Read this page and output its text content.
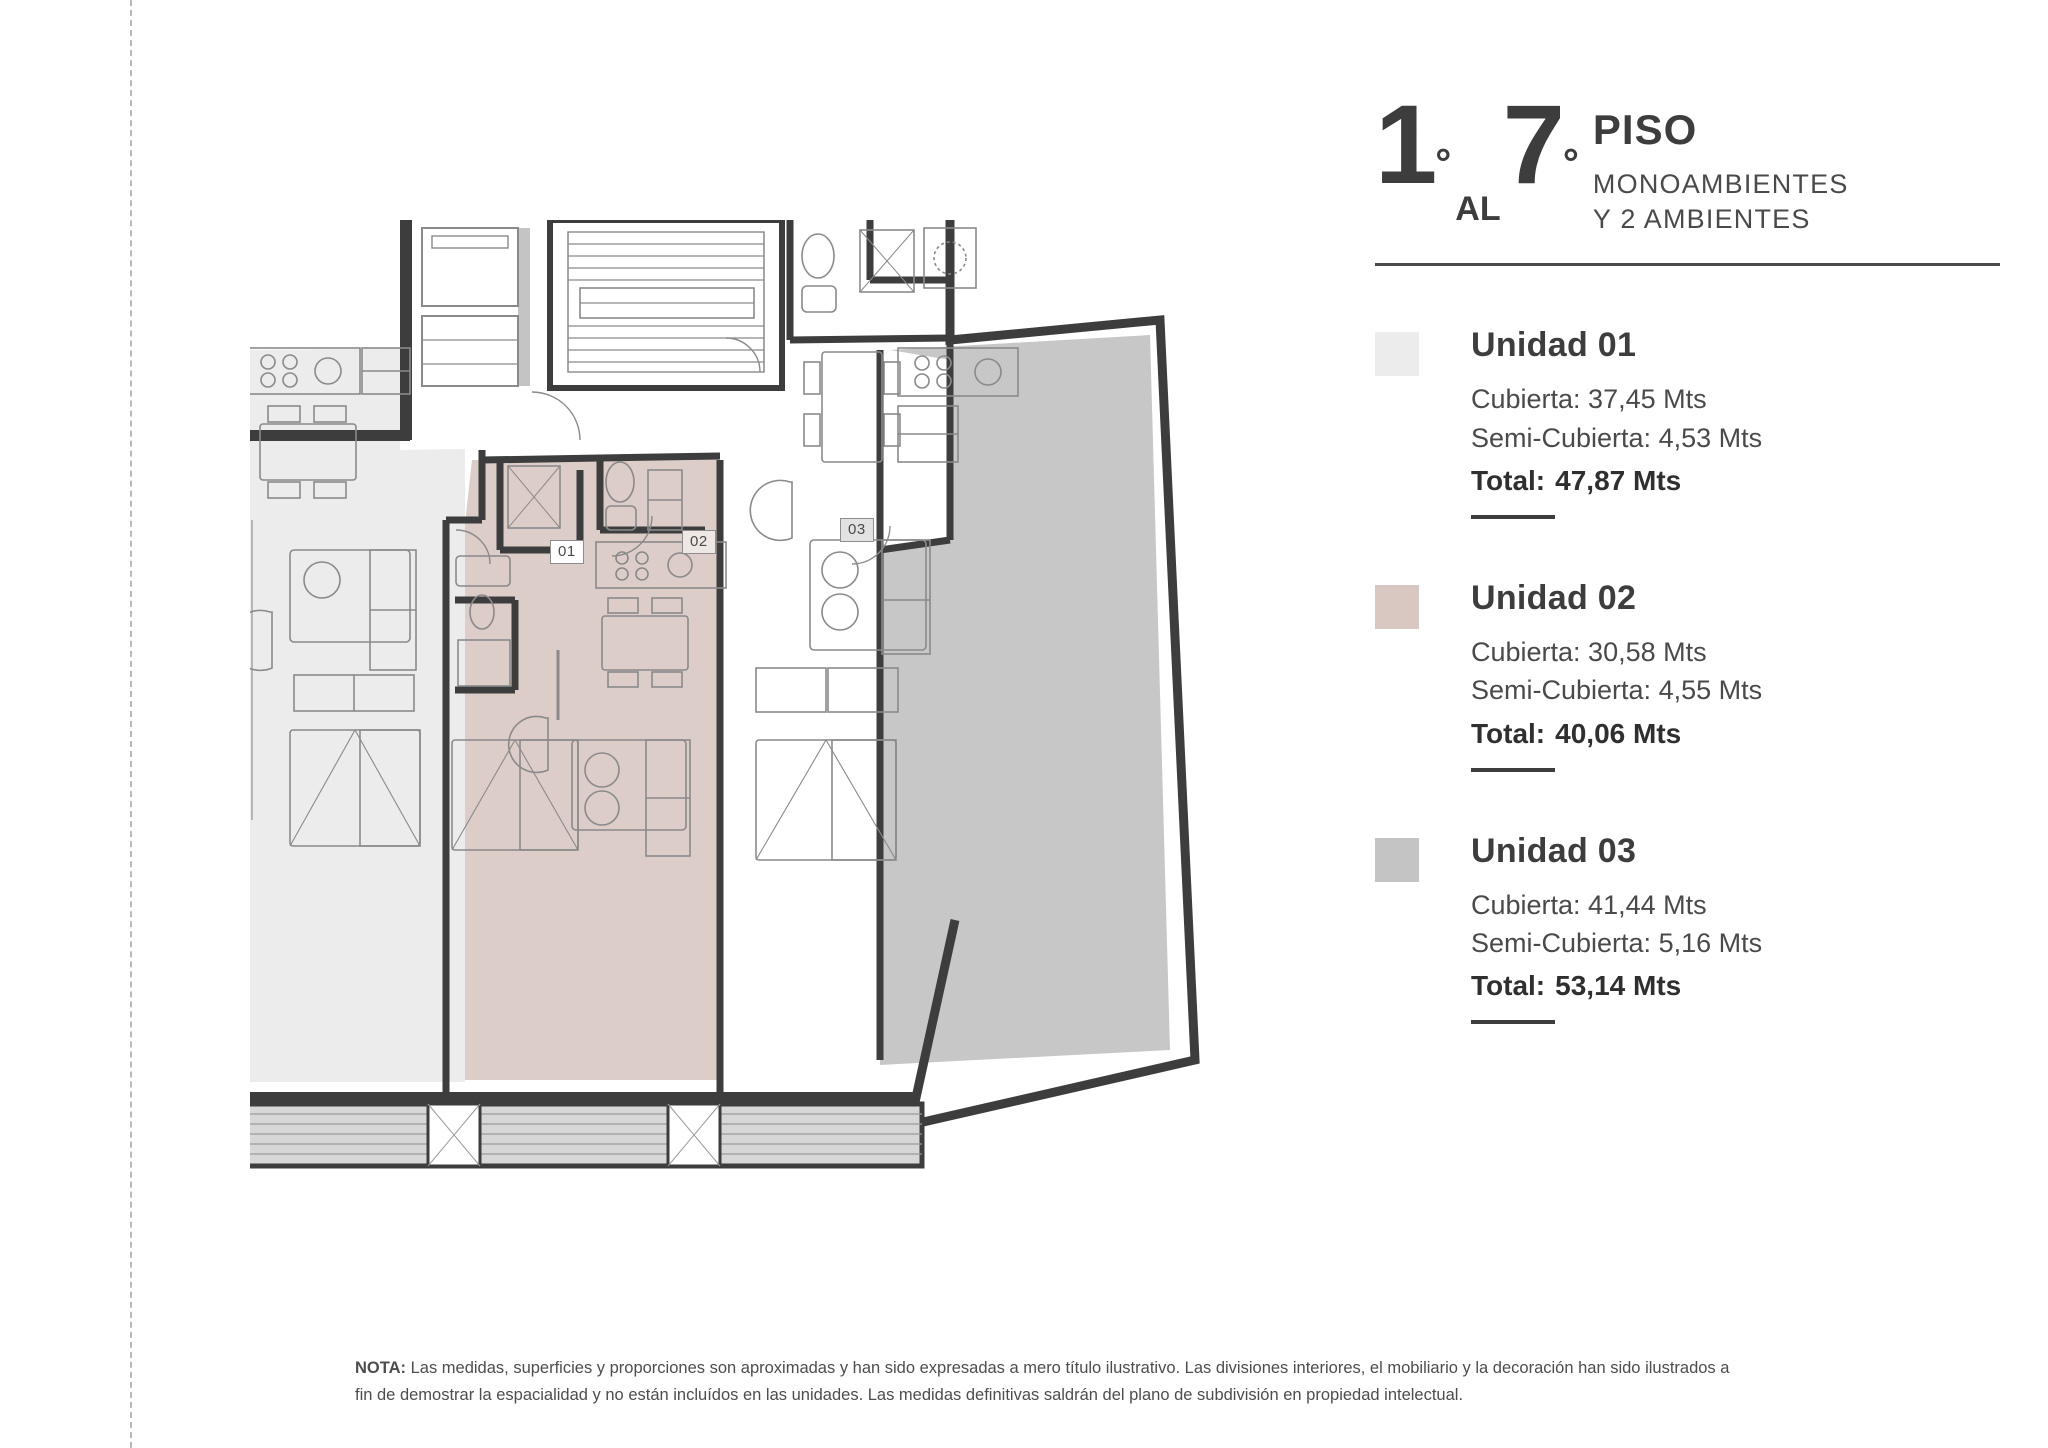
01
02
03
1°
AL
7°
PISO
MONOAMBIENTES
Y 2 AMBIENTES
Unidad 01
Cubierta: 37,45 Mts
Semi-Cubierta: 4,53 Mts
Total: 47,87 Mts
Unidad 02
Cubierta: 30,58 Mts
Semi-Cubierta: 4,55 Mts
Total: 40,06 Mts
Unidad 03
Cubierta: 41,44 Mts
Semi-Cubierta: 5,16 Mts
Total: 53,14 Mts
NOTA: Las medidas, superficies y proporciones son aproximadas y han sido expresadas a mero título ilustrativo. Las divisiones interiores, el mobiliario y la decoración han sido ilustrados a fin de demostrar la espacialidad y no están incluídos en las unidades. Las medidas definitivas saldrán del plano de subdivisión en propiedad intelectual.
